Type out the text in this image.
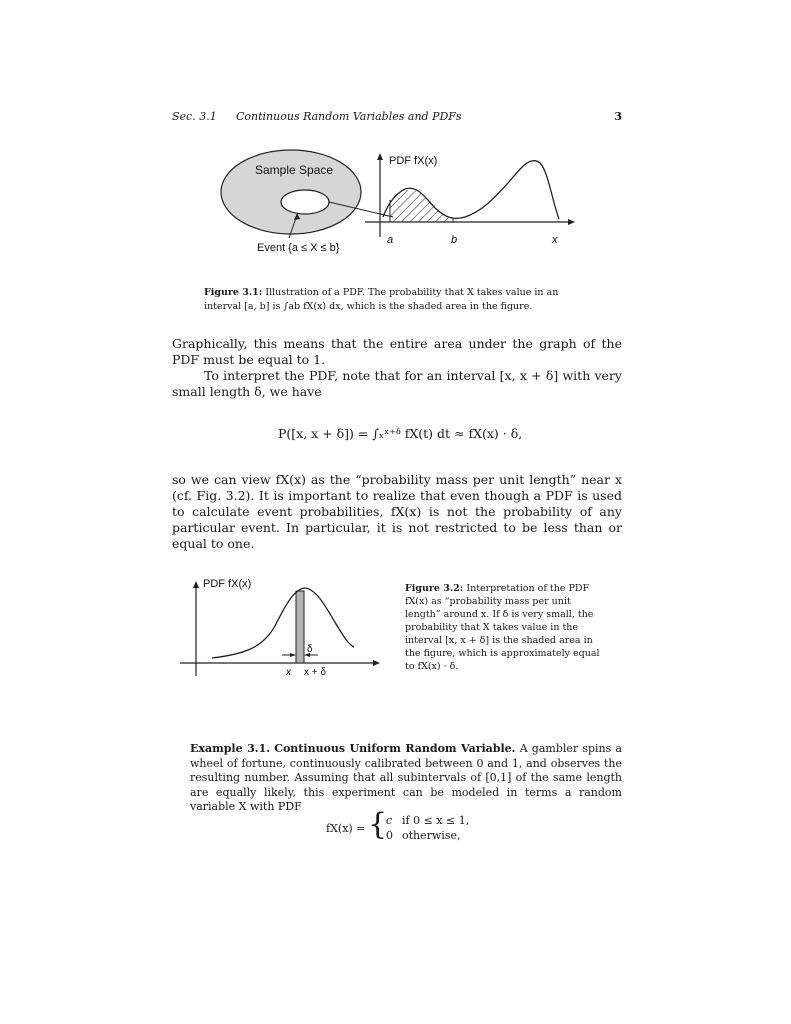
Sec. 3.1 Continuous Random Variables and PDFs	3
Sample Space
Event {a ≤ X ≤ b}
PDF fX(x)
a	b	x
Figure 3.1: Illustration of a PDF. The probability that X takes value in an
interval [a, b] is ∫ab fX(x) dx, which is the shaded area in the figure.

Graphically, this means that the entire area under the graph of the PDF must be equal to 1.

To interpret the PDF, note that for an interval [x, x + δ] with very small length δ, we have

P([x, x + δ]) = ∫ₓˣ⁺ᵟ fX(t) dt ≈ fX(x) · δ,

so we can view fX(x) as the “probability mass per unit length” near x (cf. Fig. 3.2). It is important to realize that even though a PDF is used to calculate event probabilities, fX(x) is not the probability of any particular event. In particular, it is not restricted to be less than or equal to one.

PDF fX(x)
δ
x x + δ
Figure 3.2: Interpretation of the PDF fX(x) as “probability mass per unit length” around x. If δ is very small, the probability that X takes value in the interval [x, x + δ] is the shaded area in the figure, which is approximately equal to fX(x) · δ.

Example 3.1. Continuous Uniform Random Variable. A gambler spins a wheel of fortune, continuously calibrated between 0 and 1, and observes the resulting number. Assuming that all subintervals of [0,1] of the same length are equally likely, this experiment can be modeled in terms a random variable X with PDF

fX(x) = {
c if 0 ≤ x ≤ 1,
0 otherwise,
